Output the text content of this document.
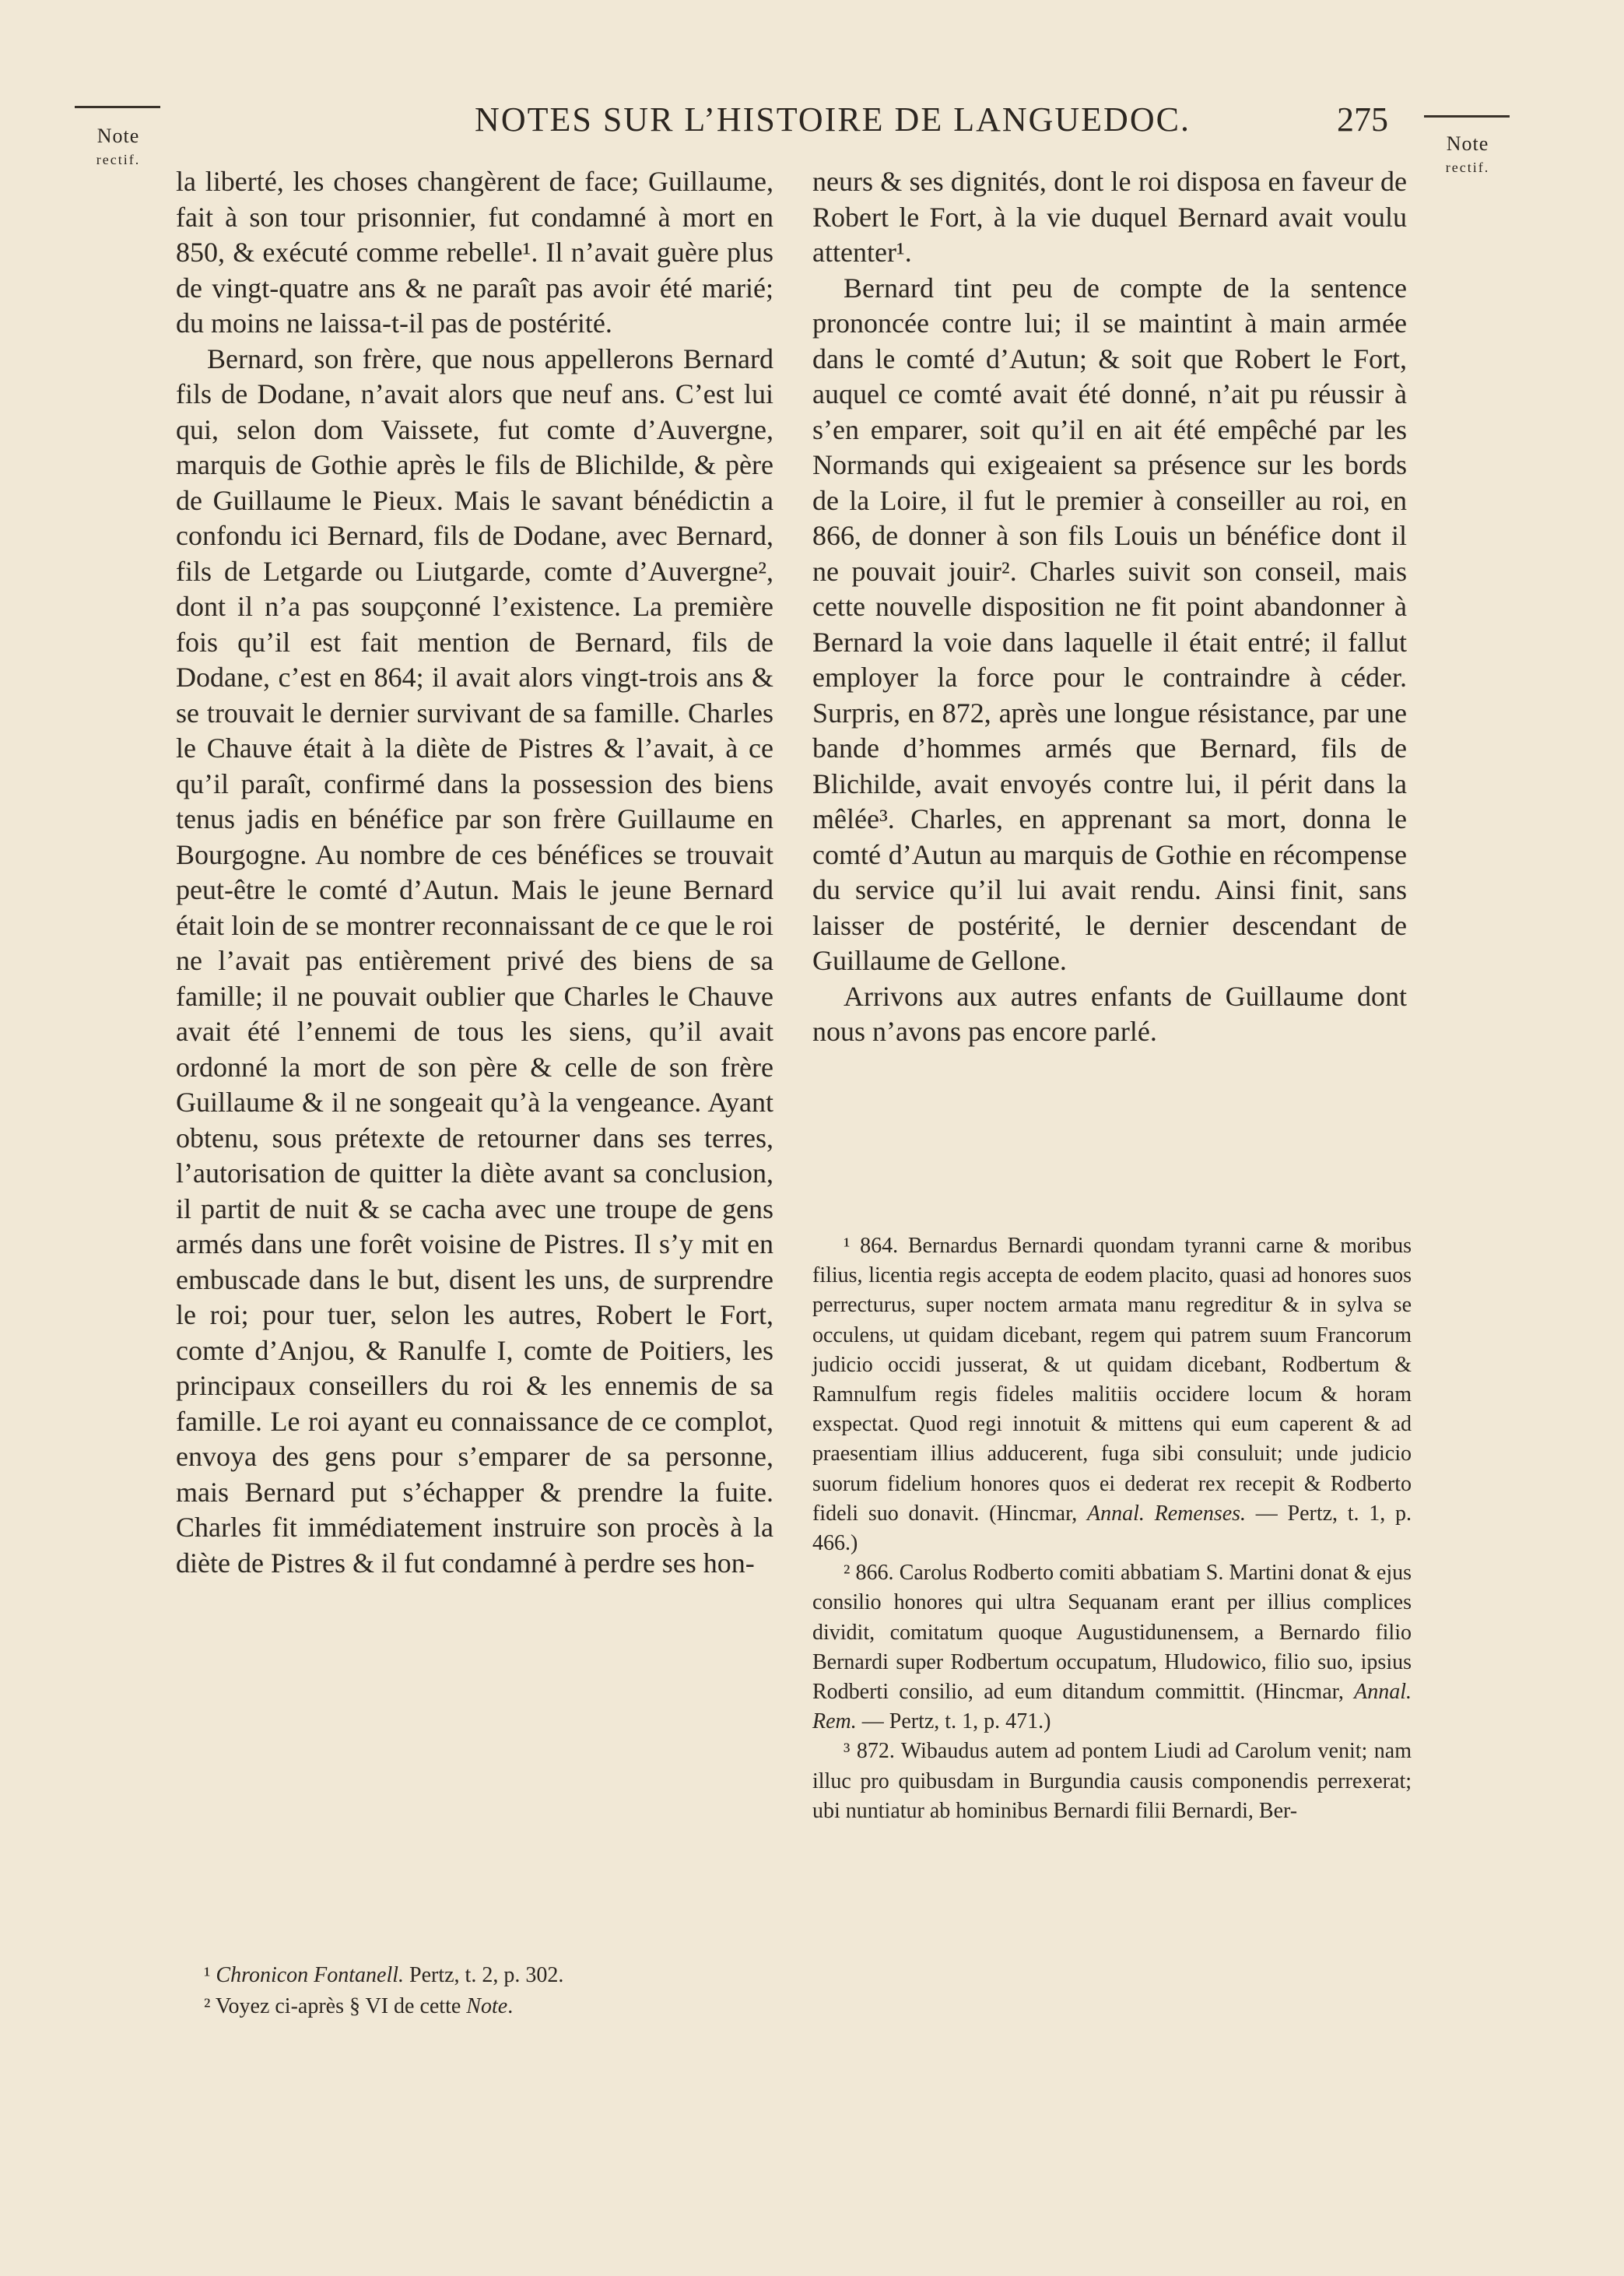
Note
rectif.
NOTES SUR L’HISTOIRE DE LANGUEDOC.	275
Note
rectif.

la liberté, les choses changèrent de face; Guillaume, fait à son tour prisonnier, fut condamné à mort en 850, & exécuté comme rebelle¹. Il n’avait guère plus de vingt-quatre ans & ne paraît pas avoir été marié; du moins ne laissa-t-il pas de postérité.

Bernard, son frère, que nous appellerons Bernard fils de Dodane, n’avait alors que neuf ans. C’est lui qui, selon dom Vaissete, fut comte d’Auvergne, marquis de Gothie après le fils de Blichilde, & père de Guillaume le Pieux. Mais le savant bénédictin a confondu ici Bernard, fils de Dodane, avec Bernard, fils de Letgarde ou Liutgarde, comte d’Auvergne², dont il n’a pas soupçonné l’existence. La première fois qu’il est fait mention de Bernard, fils de Dodane, c’est en 864; il avait alors vingt-trois ans & se trouvait le dernier survivant de sa famille. Charles le Chauve était à la diète de Pistres & l’avait, à ce qu’il paraît, confirmé dans la possession des biens tenus jadis en bénéfice par son frère Guillaume en Bourgogne. Au nombre de ces bénéfices se trouvait peut-être le comté d’Autun. Mais le jeune Bernard était loin de se montrer reconnaissant de ce que le roi ne l’avait pas entièrement privé des biens de sa famille; il ne pouvait oublier que Charles le Chauve avait été l’ennemi de tous les siens, qu’il avait ordonné la mort de son père & celle de son frère Guillaume & il ne songeait qu’à la vengeance. Ayant obtenu, sous prétexte de retourner dans ses terres, l’autorisation de quitter la diète avant sa conclusion, il partit de nuit & se cacha avec une troupe de gens armés dans une forêt voisine de Pistres. Il s’y mit en embuscade dans le but, disent les uns, de surprendre le roi; pour tuer, selon les autres, Robert le Fort, comte d’Anjou, & Ranulfe I, comte de Poitiers, les principaux conseillers du roi & les ennemis de sa famille. Le roi ayant eu connaissance de ce complot, envoya des gens pour s’emparer de sa personne, mais Bernard put s’échapper & prendre la fuite. Charles fit immédiatement instruire son procès à la diète de Pistres & il fut condamné à perdre ses hon-

¹ Chronicon Fontanell. Pertz, t. 2, p. 302.

² Voyez ci-après § VI de cette Note.

neurs & ses dignités, dont le roi disposa en faveur de Robert le Fort, à la vie duquel Bernard avait voulu attenter¹.

Bernard tint peu de compte de la sentence prononcée contre lui; il se maintint à main armée dans le comté d’Autun; & soit que Robert le Fort, auquel ce comté avait été donné, n’ait pu réussir à s’en emparer, soit qu’il en ait été empêché par les Normands qui exigeaient sa présence sur les bords de la Loire, il fut le premier à conseiller au roi, en 866, de donner à son fils Louis un bénéfice dont il ne pouvait jouir². Charles suivit son conseil, mais cette nouvelle disposition ne fit point abandonner à Bernard la voie dans laquelle il était entré; il fallut employer la force pour le contraindre à céder. Surpris, en 872, après une longue résistance, par une bande d’hommes armés que Bernard, fils de Blichilde, avait envoyés contre lui, il périt dans la mêlée³. Charles, en apprenant sa mort, donna le comté d’Autun au marquis de Gothie en récompense du service qu’il lui avait rendu. Ainsi finit, sans laisser de postérité, le dernier descendant de Guillaume de Gellone.

Arrivons aux autres enfants de Guillaume dont nous n’avons pas encore parlé.

¹ 864. Bernardus Bernardi quondam tyranni carne & moribus filius, licentia regis accepta de eodem placito, quasi ad honores suos perrecturus, super noctem armata manu regreditur & in sylva se occulens, ut quidam dicebant, regem qui patrem suum Francorum judicio occidi jusserat, & ut quidam dicebant, Rodbertum & Ramnulfum regis fideles malitiis occidere locum & horam exspectat. Quod regi innotuit & mittens qui eum caperent & ad praesentiam illius adducerent, fuga sibi consuluit; unde judicio suorum fidelium honores quos ei dederat rex recepit & Rodberto fideli suo donavit. (Hincmar, Annal. Remenses. — Pertz, t. 1, p. 466.)

² 866. Carolus Rodberto comiti abbatiam S. Martini donat & ejus consilio honores qui ultra Sequanam erant per illius complices dividit, comitatum quoque Augustidunensem, a Bernardo filio Bernardi super Rodbertum occupatum, Hludowico, filio suo, ipsius Rodberti consilio, ad eum ditandum committit. (Hincmar, Annal. Rem. — Pertz, t. 1, p. 471.)

³ 872. Wibaudus autem ad pontem Liudi ad Carolum venit; nam illuc pro quibusdam in Burgundia causis componendis perrexerat; ubi nuntiatur ab hominibus Bernardi filii Bernardi, Ber-
